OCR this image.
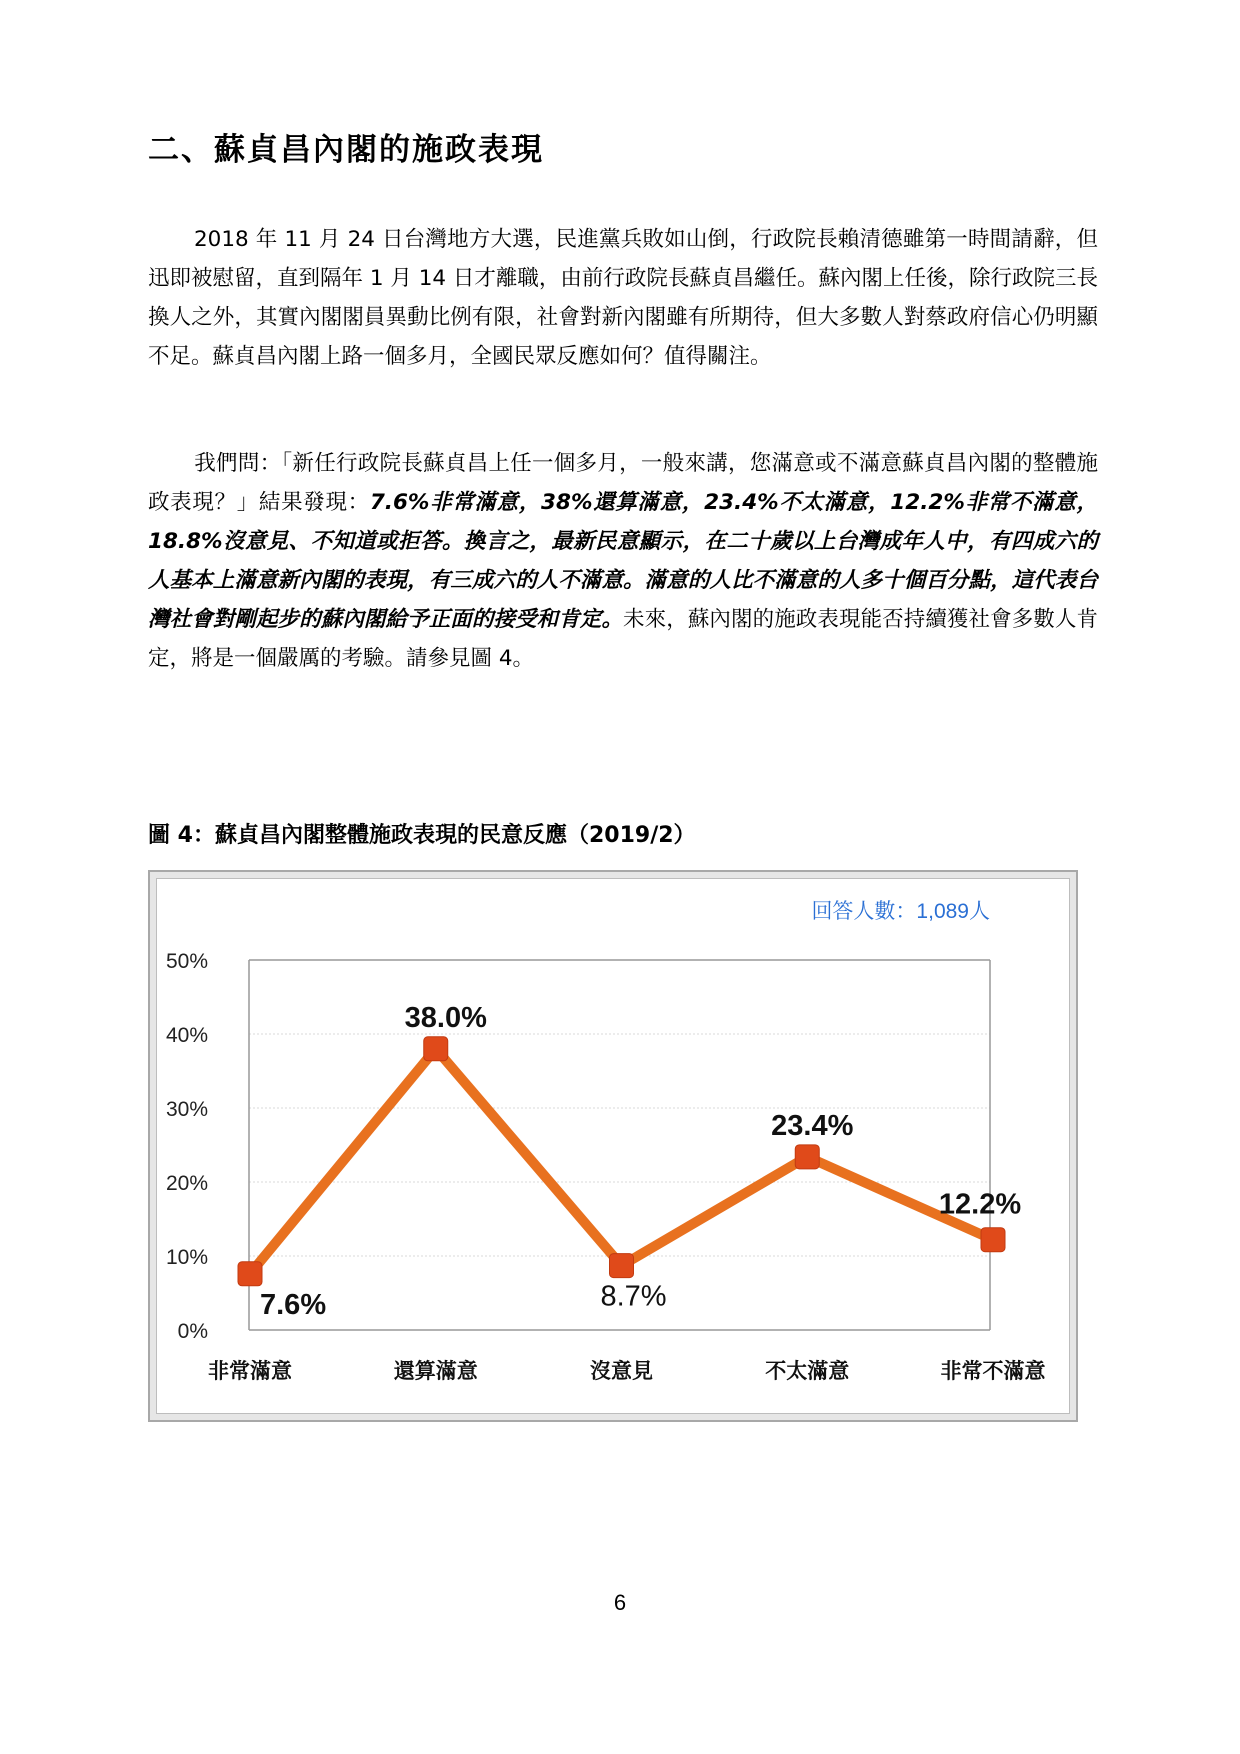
二、蘇貞昌內閣的施政表現
2018 年 11 月 24 日台灣地方大選，民進黨兵敗如山倒，行政院長賴清德雖第一時間請辭，但迅即被慰留，直到隔年 1 月 14 日才離職，由前行政院長蘇貞昌繼任。蘇內閣上任後，除行政院三長換人之外，其實內閣閣員異動比例有限，社會對新內閣雖有所期待，但大多數人對蔡政府信心仍明顯不足。蘇貞昌內閣上路一個多月，全國民眾反應如何？值得關注。
我們問：「新任行政院長蘇貞昌上任一個多月，一般來講，您滿意或不滿意蘇貞昌內閣的整體施政表現？」結果發現：7.6%非常滿意，38%還算滿意，23.4%不太滿意，12.2%非常不滿意，18.8%沒意見、不知道或拒答。換言之，最新民意顯示，在二十歲以上台灣成年人中，有四成六的人基本上滿意新內閣的表現，有三成六的人不滿意。滿意的人比不滿意的人多十個百分點，這代表台灣社會對剛起步的蘇內閣給予正面的接受和肯定。未來，蘇內閣的施政表現能否持續獲社會多數人肯定，將是一個嚴厲的考驗。請參見圖 4。
圖 4：蘇貞昌內閣整體施政表現的民意反應（2019/2）
0%
10%
20%
30%
40%
50%
非常滿意	還算滿意	沒意見	不太滿意	非常不滿意
7.6%
38.0%
8.7%
23.4%
12.2%
回答人數：1,089人
6
